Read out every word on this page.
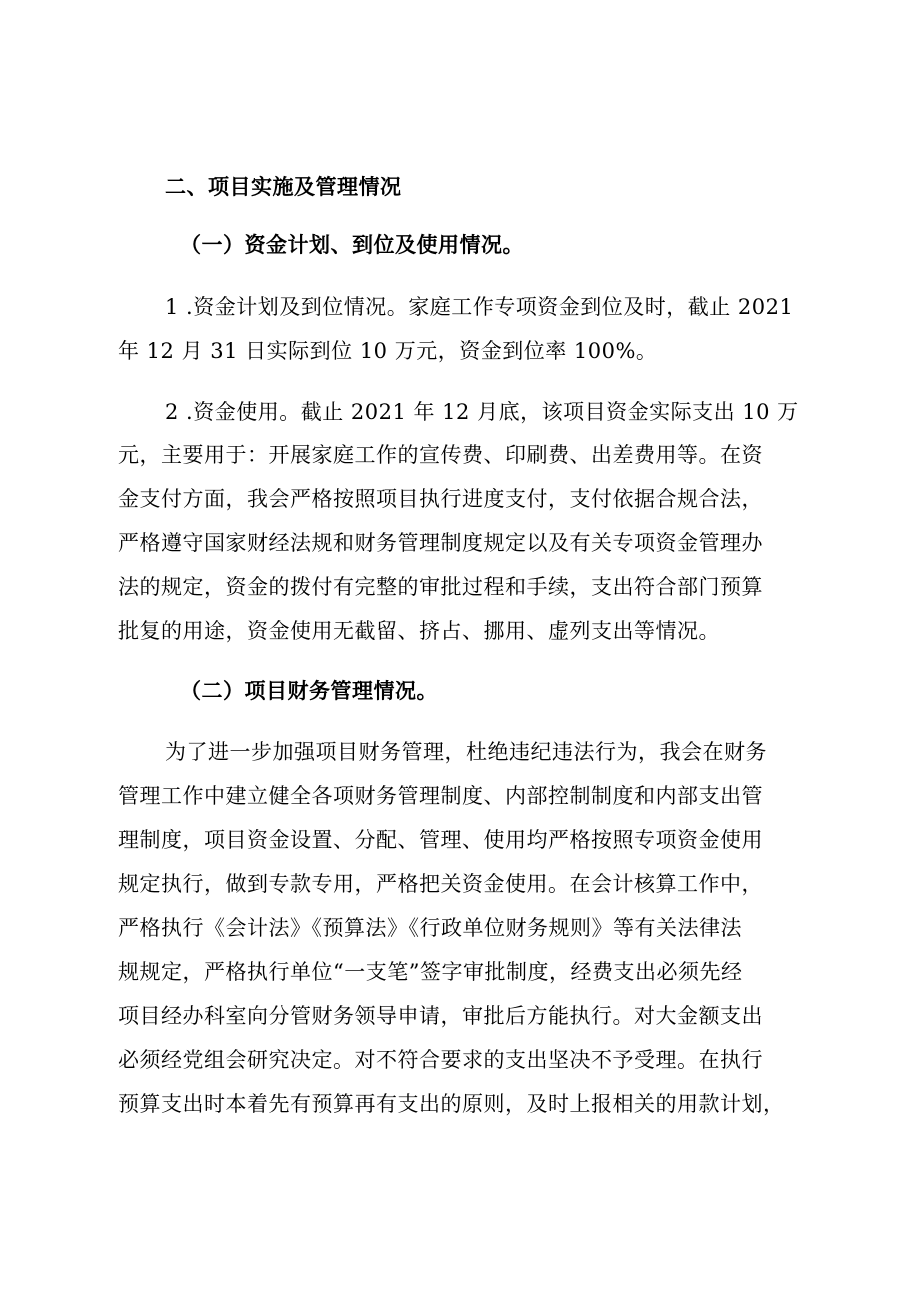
二、项目实施及管理情况
（一）资金计划、到位及使用情况。
1 .资金计划及到位情况。家庭工作专项资金到位及时，截止 2021
年 12 月 31 日实际到位 10 万元，资金到位率 100%。
2 .资金使用。截止 2021 年 12 月底，该项目资金实际支出 10 万
元，主要用于：开展家庭工作的宣传费、印刷费、出差费用等。在资
金支付方面，我会严格按照项目执行进度支付，支付依据合规合法，
严格遵守国家财经法规和财务管理制度规定以及有关专项资金管理办
法的规定，资金的拨付有完整的审批过程和手续，支出符合部门预算
批复的用途，资金使用无截留、挤占、挪用、虚列支出等情况。
（二）项目财务管理情况。
为了进一步加强项目财务管理，杜绝违纪违法行为，我会在财务
管理工作中建立健全各项财务管理制度、内部控制制度和内部支出管
理制度，项目资金设置、分配、管理、使用均严格按照专项资金使用
规定执行，做到专款专用，严格把关资金使用。在会计核算工作中，
严格执行《会计法》《预算法》《行政单位财务规则》等有关法律法
规规定，严格执行单位“一支笔”签字审批制度，经费支出必须先经
项目经办科室向分管财务领导申请，审批后方能执行。对大金额支出
必须经党组会研究决定。对不符合要求的支出坚决不予受理。在执行
预算支出时本着先有预算再有支出的原则，及时上报相关的用款计划，
